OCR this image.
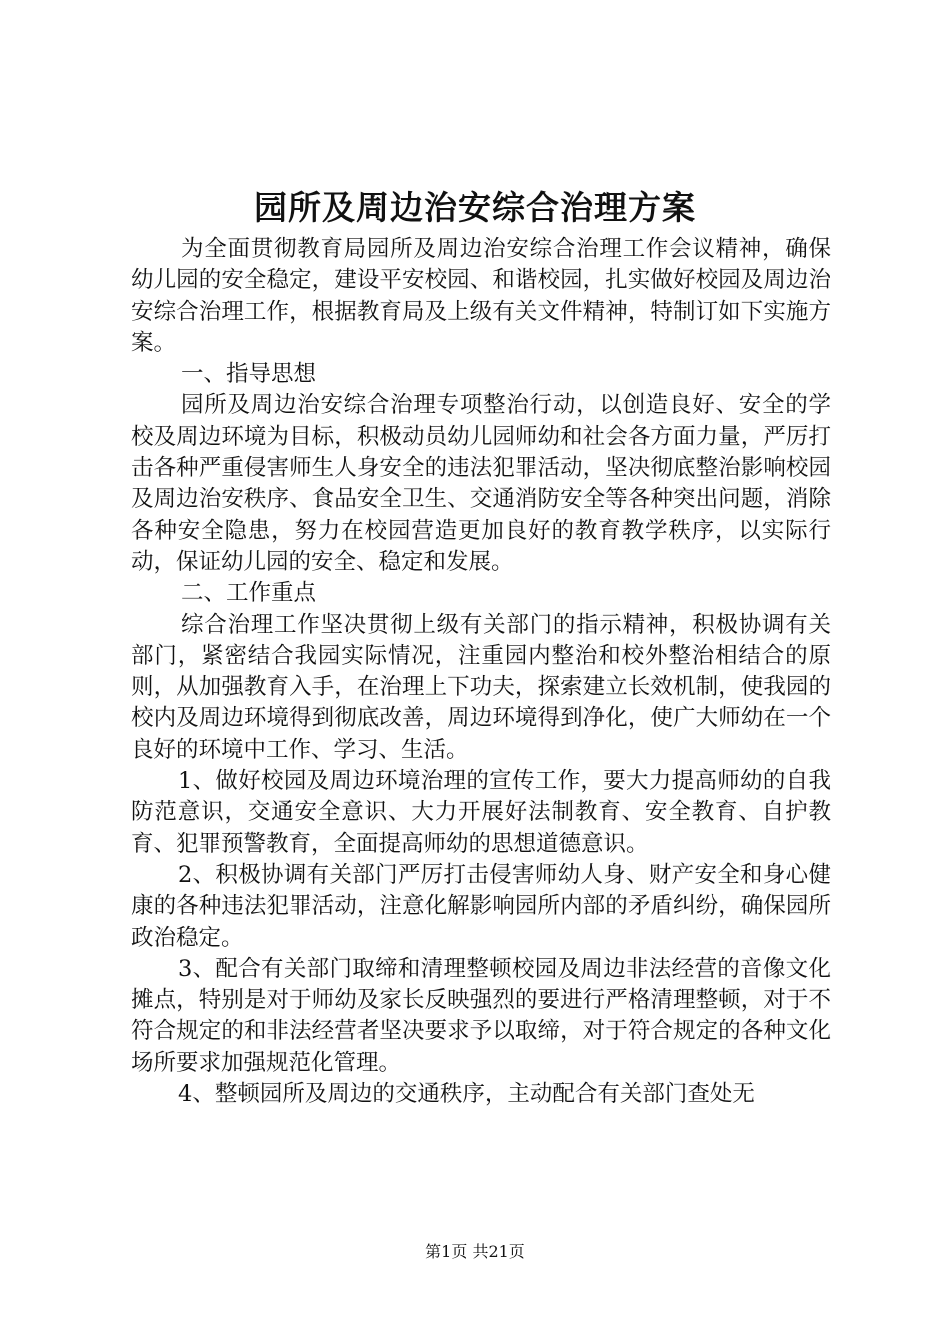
园所及周边治安综合治理方案

为全面贯彻教育局园所及周边治安综合治理工作会议精神，确保幼儿园的安全稳定，建设平安校园、和谐校园，扎实做好校园及周边治安综合治理工作，根据教育局及上级有关文件精神，特制订如下实施方案。

一、指导思想

园所及周边治安综合治理专项整治行动，以创造良好、安全的学校及周边环境为目标，积极动员幼儿园师幼和社会各方面力量，严厉打击各种严重侵害师生人身安全的违法犯罪活动，坚决彻底整治影响校园及周边治安秩序、食品安全卫生、交通消防安全等各种突出问题，消除各种安全隐患，努力在校园营造更加良好的教育教学秩序，以实际行动，保证幼儿园的安全、稳定和发展。

二、工作重点

综合治理工作坚决贯彻上级有关部门的指示精神，积极协调有关部门，紧密结合我园实际情况，注重园内整治和校外整治相结合的原则，从加强教育入手，在治理上下功夫，探索建立长效机制，使我园的校内及周边环境得到彻底改善，周边环境得到净化，使广大师幼在一个良好的环境中工作、学习、生活。

1、做好校园及周边环境治理的宣传工作，要大力提高师幼的自我防范意识，交通安全意识、大力开展好法制教育、安全教育、自护教育、犯罪预警教育，全面提高师幼的思想道德意识。

2、积极协调有关部门严厉打击侵害师幼人身、财产安全和身心健康的各种违法犯罪活动，注意化解影响园所内部的矛盾纠纷，确保园所政治稳定。

3、配合有关部门取缔和清理整顿校园及周边非法经营的音像文化摊点，特别是对于师幼及家长反映强烈的要进行严格清理整顿，对于不符合规定的和非法经营者坚决要求予以取缔，对于符合规定的各种文化场所要求加强规范化管理。

4、整顿园所及周边的交通秩序，主动配合有关部门查处无

第1页 共21页
